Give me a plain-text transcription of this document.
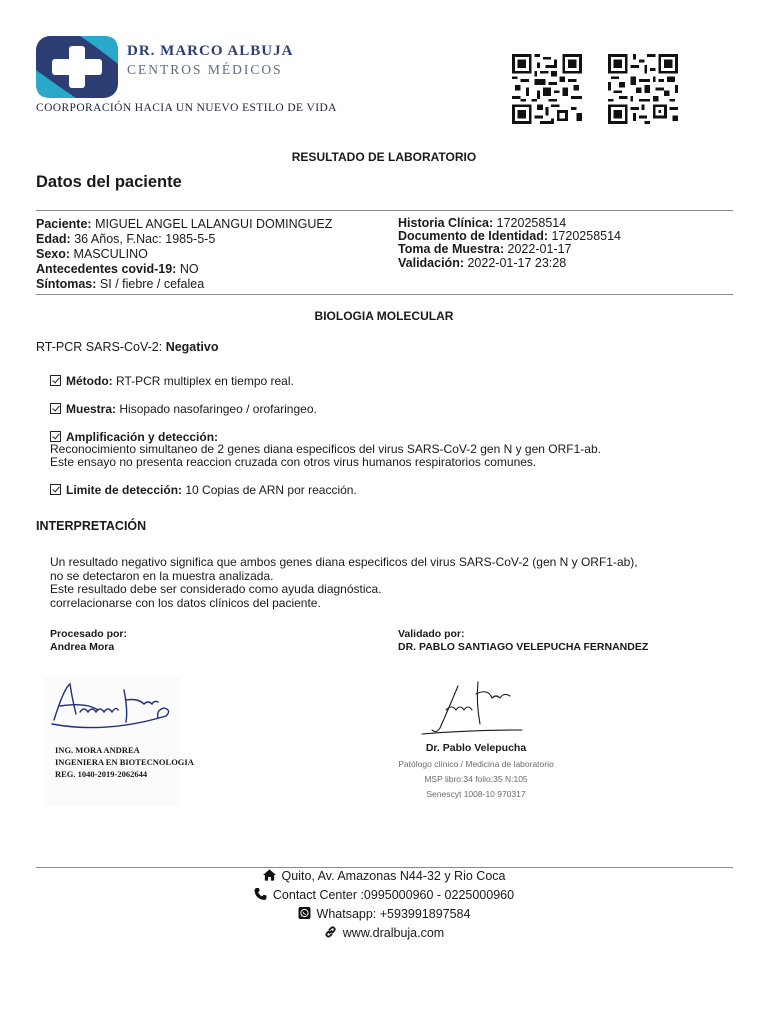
DR. MARCO ALBUJA
CENTROS MÉDICOS
COORPORACIÓN HACIA UN NUEVO ESTILO DE VIDA
RESULTADO DE LABORATORIO
Datos del paciente
Paciente: MIGUEL ANGEL LALANGUI DOMINGUEZ
Edad: 36 Años, F.Nac: 1985-5-5
Sexo: MASCULINO
Antecedentes covid-19: NO
Síntomas: SI / fiebre / cefalea
Historia Clínica: 1720258514
Documento de Identidad: 1720258514
Toma de Muestra: 2022-01-17
Validación: 2022-01-17 23:28
BIOLOGIA MOLECULAR
RT-PCR SARS-CoV-2: Negativo
Método: RT-PCR multiplex en tiempo real.
Muestra: Hisopado nasofaringeo / orofaringeo.
Amplificación y detección:
Reconocimiento simultaneo de 2 genes diana especificos del virus SARS-CoV-2 gen N y gen ORF1-ab.
Este ensayo no presenta reaccion cruzada con otros virus humanos respiratorios comunes.
Limite de detección: 10 Copias de ARN por reacción.
INTERPRETACIÓN
Un resultado negativo significa que ambos genes diana especificos del virus SARS-CoV-2 (gen N y ORF1-ab),
no se detectaron en la muestra analizada.
Este resultado debe ser considerado como ayuda diagnóstica.
correlacionarse con los datos clínicos del paciente.
Procesado por:
Andrea Mora
Validado por:
DR. PABLO SANTIAGO VELEPUCHA FERNANDEZ
ING. MORA ANDREA
INGENIERA EN BIOTECNOLOGIA
REG. 1040-2019-2062644
Dr. Pablo Velepucha
Patólogo clínico / Medicina de laboratorio
MSP libro:34 folio:35 N:105
Senescyt 1008-10 970317
Quito, Av. Amazonas N44-32 y Rio Coca
Contact Center :0995000960 - 0225000960
Whatsapp: +593991897584
www.dralbuja.com
